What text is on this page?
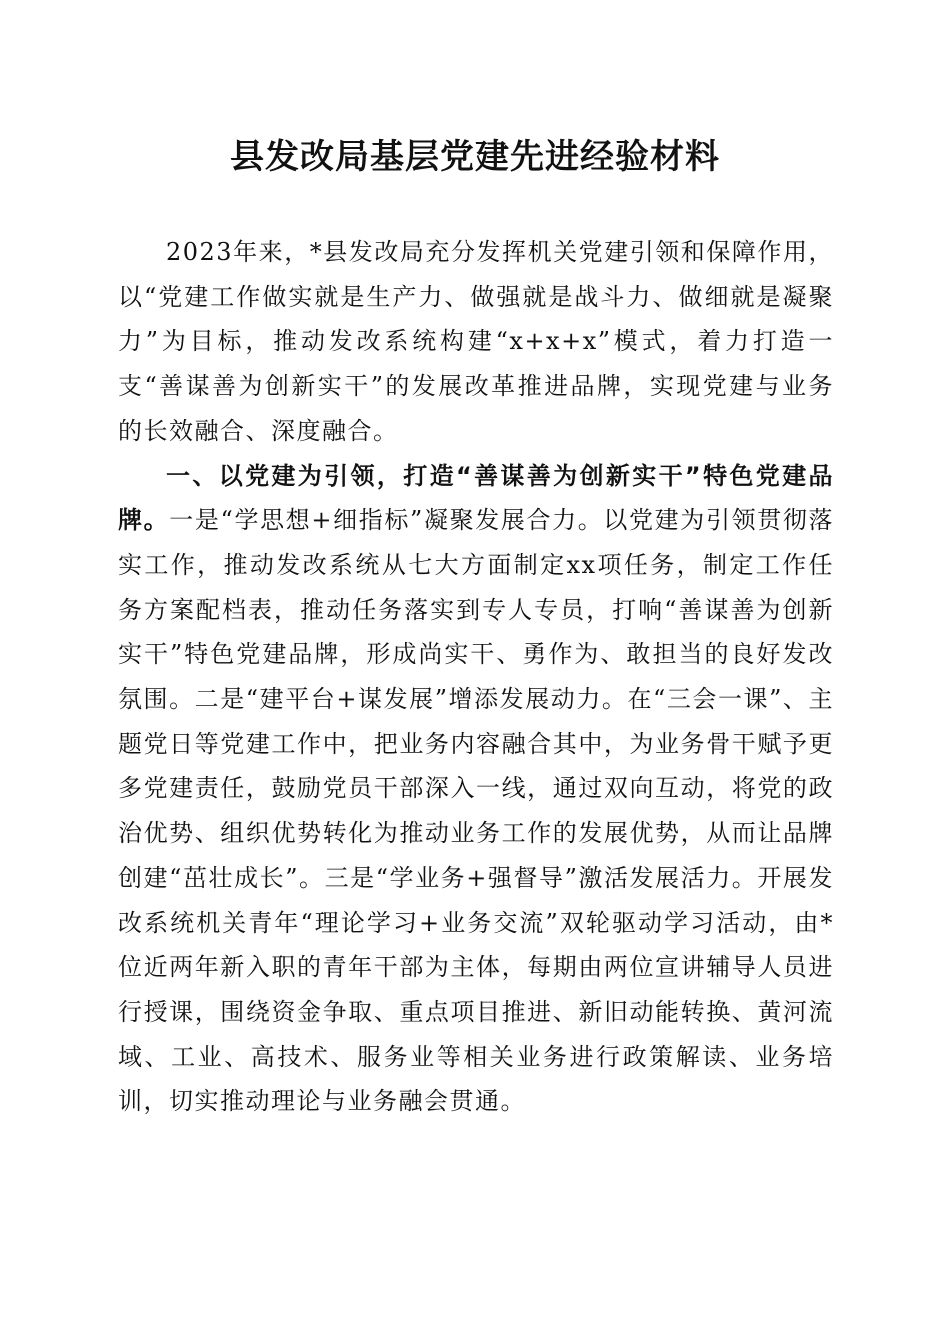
县发改局基层党建先进经验材料

2023年来，*县发改局充分发挥机关党建引领和保障作用，以“党建工作做实就是生产力、做强就是战斗力、做细就是凝聚力”为目标，推动发改系统构建“x+x+x”模式，着力打造一支“善谋善为创新实干”的发展改革推进品牌，实现党建与业务的长效融合、深度融合。

一、以党建为引领，打造“善谋善为创新实干”特色党建品牌。一是“学思想+细指标”凝聚发展合力。以党建为引领贯彻落实工作，推动发改系统从七大方面制定xx项任务，制定工作任务方案配档表，推动任务落实到专人专员，打响“善谋善为创新实干”特色党建品牌，形成尚实干、勇作为、敢担当的良好发改氛围。二是“建平台+谋发展”增添发展动力。在“三会一课”、主题党日等党建工作中，把业务内容融合其中，为业务骨干赋予更多党建责任，鼓励党员干部深入一线，通过双向互动，将党的政治优势、组织优势转化为推动业务工作的发展优势，从而让品牌创建“茁壮成长”。三是“学业务+强督导”激活发展活力。开展发改系统机关青年“理论学习+业务交流”双轮驱动学习活动，由*位近两年新入职的青年干部为主体，每期由两位宣讲辅导人员进行授课，围绕资金争取、重点项目推进、新旧动能转换、黄河流域、工业、高技术、服务业等相关业务进行政策解读、业务培训，切实推动理论与业务融会贯通。
